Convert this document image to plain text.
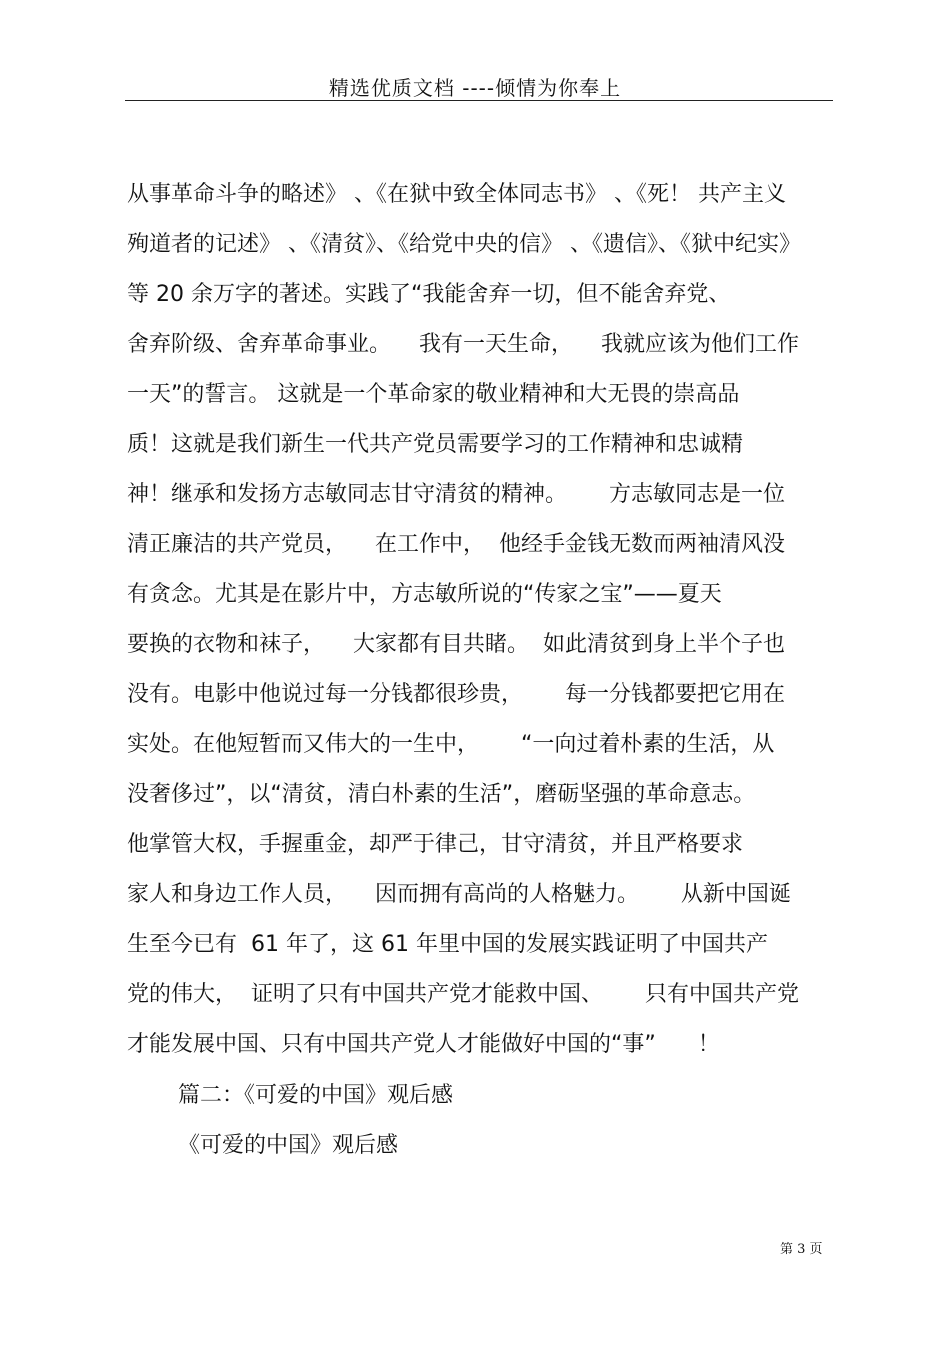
精选优质文档 ----倾情为你奉上
从事革命斗争的略述》 、《在狱中致全体同志书》 、《死！ 共产主义
殉道者的记述》 、《清贫》、《给党中央的信》 、《遗信》、《狱中纪实》
等 20 余万字的著述。实践了“我能舍弃一切，但不能舍弃党、
舍弃阶级、舍弃革命事业。    我有一天生命，    我就应该为他们工作
一天”的誓言。 这就是一个革命家的敬业精神和大无畏的崇高品
质！这就是我们新生一代共产党员需要学习的工作精神和忠诚精
神！继承和发扬方志敏同志甘守清贫的精神。      方志敏同志是一位
清正廉洁的共产党员，    在工作中，  他经手金钱无数而两袖清风没
有贪念。尤其是在影片中，方志敏所说的“传家之宝”——夏天
要换的衣物和袜子，    大家都有目共睹。  如此清贫到身上半个子也
没有。电影中他说过每一分钱都很珍贵，      每一分钱都要把它用在
实处。在他短暂而又伟大的一生中，      “一向过着朴素的生活，从
没奢侈过”，以“清贫，清白朴素的生活”，磨砺坚强的革命意志。
他掌管大权，手握重金，却严于律己，甘守清贫，并且严格要求
家人和身边工作人员，    因而拥有高尚的人格魅力。      从新中国诞
生至今已有  61 年了，这 61 年里中国的发展实践证明了中国共产
党的伟大，  证明了只有中国共产党才能救中国、      只有中国共产党
才能发展中国、只有中国共产党人才能做好中国的“事”      ！
篇二：《可爱的中国》观后感
《可爱的中国》观后感
第 3 页
